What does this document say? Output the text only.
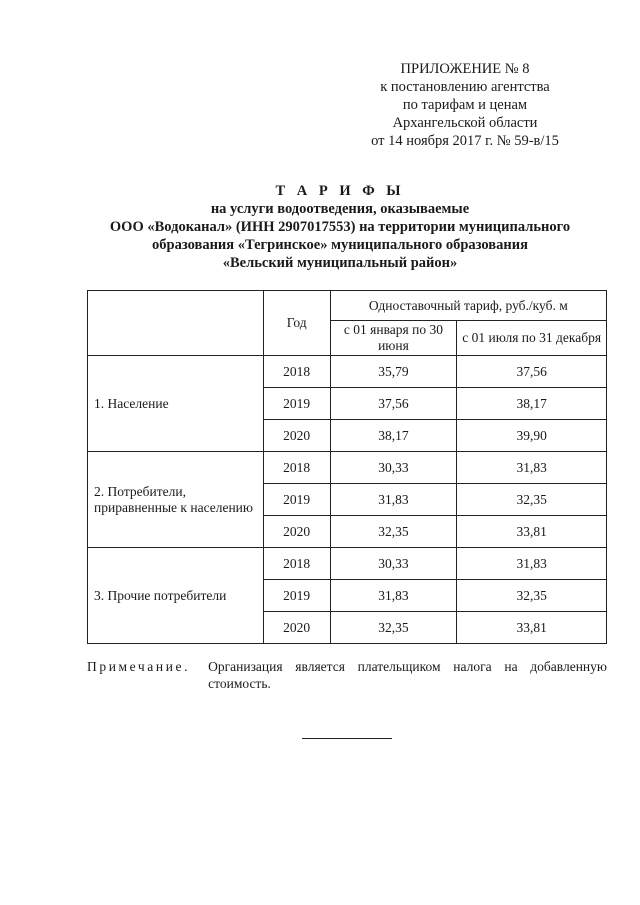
ПРИЛОЖЕНИЕ № 8
к постановлению агентства
по тарифам и ценам
Архангельской области
от 14 ноября 2017 г. № 59-в/15
Т А Р И Ф Ы
на услуги водоотведения, оказываемые
ООО «Водоканал» (ИНН 2907017553) на территории муниципального
образования «Тегринское» муниципального образования
«Вельский муниципальный район»
	Год	Одноставочный тариф, руб./куб. м	
		с 01 января по 30 июня	с 01 июля по 31 декабря
1. Население	2018	35,79	37,56
	2019	37,56	38,17
	2020	38,17	39,90
2. Потребители, приравненные к населению	2018	30,33	31,83
	2019	31,83	32,35
	2020	32,35	33,81
3. Прочие потребители	2018	30,33	31,83
	2019	31,83	32,35
	2020	32,35	33,81
Примечание. Организация является плательщиком налога на добавленную стоимость.
